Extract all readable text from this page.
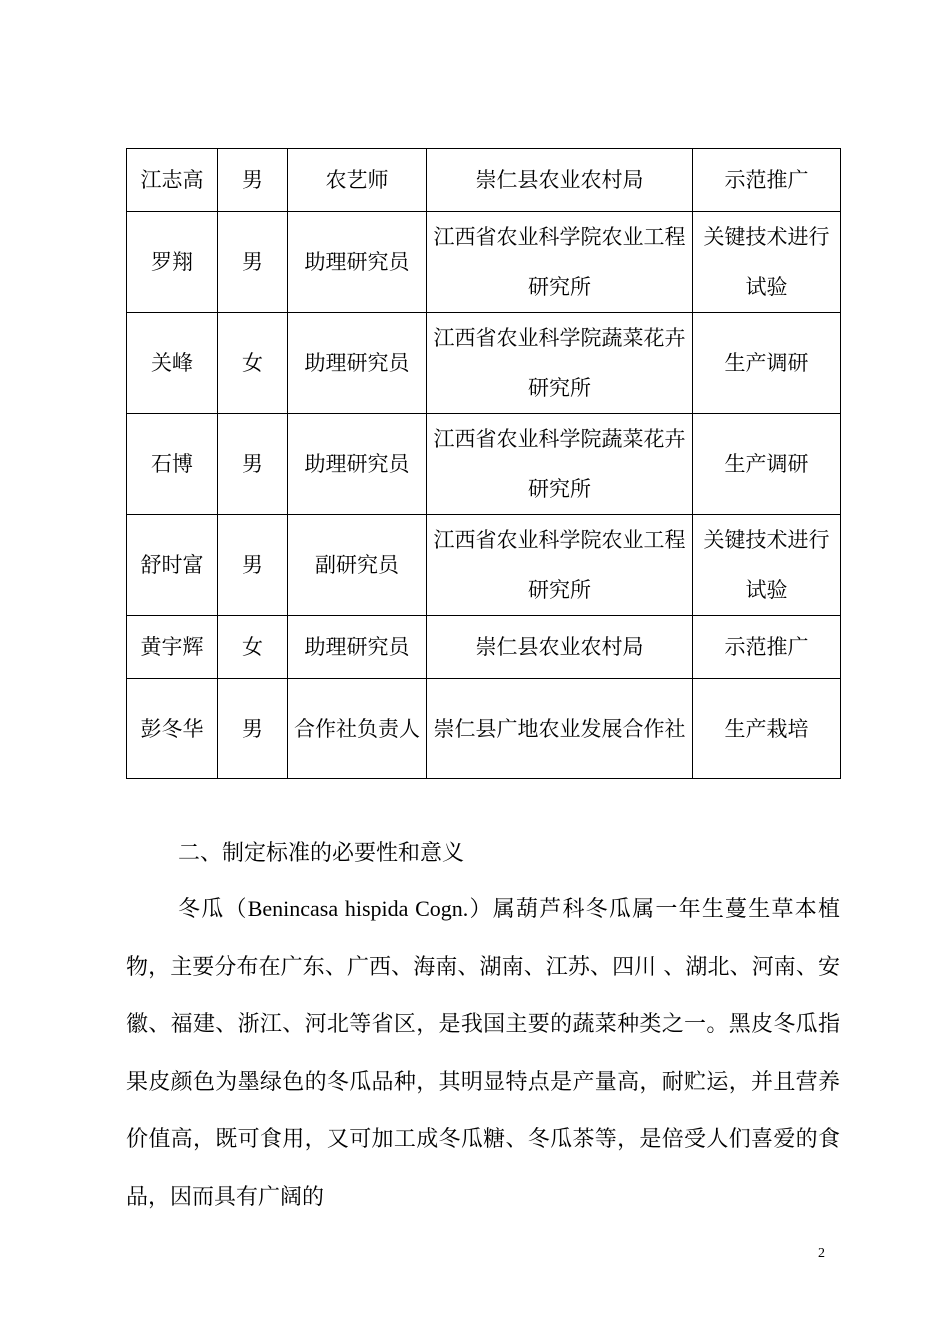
江志高	男	农艺师	崇仁县农业农村局	示范推广
罗翔	男	助理研究员	江西省农业科学院农业工程研究所	关键技术进行试验
关峰	女	助理研究员	江西省农业科学院蔬菜花卉研究所	生产调研
石博	男	助理研究员	江西省农业科学院蔬菜花卉研究所	生产调研
舒时富	男	副研究员	江西省农业科学院农业工程研究所	关键技术进行试验
黄宇辉	女	助理研究员	崇仁县农业农村局	示范推广
彭冬华	男	合作社负责人	崇仁县广地农业发展合作社	生产栽培

二、制定标准的必要性和意义

冬瓜（Benincasa hispida Cogn.）属葫芦科冬瓜属一年生蔓生草本植物，主要分布在广东、广西、海南、湖南、江苏、四川 、湖北、河南、安徽、福建、浙江、河北等省区，是我国主要的蔬菜种类之一。黑皮冬瓜指果皮颜色为墨绿色的冬瓜品种，其明显特点是产量高，耐贮运，并且营养价值高，既可食用，又可加工成冬瓜糖、冬瓜茶等，是倍受人们喜爱的食品，因而具有广阔的

2
